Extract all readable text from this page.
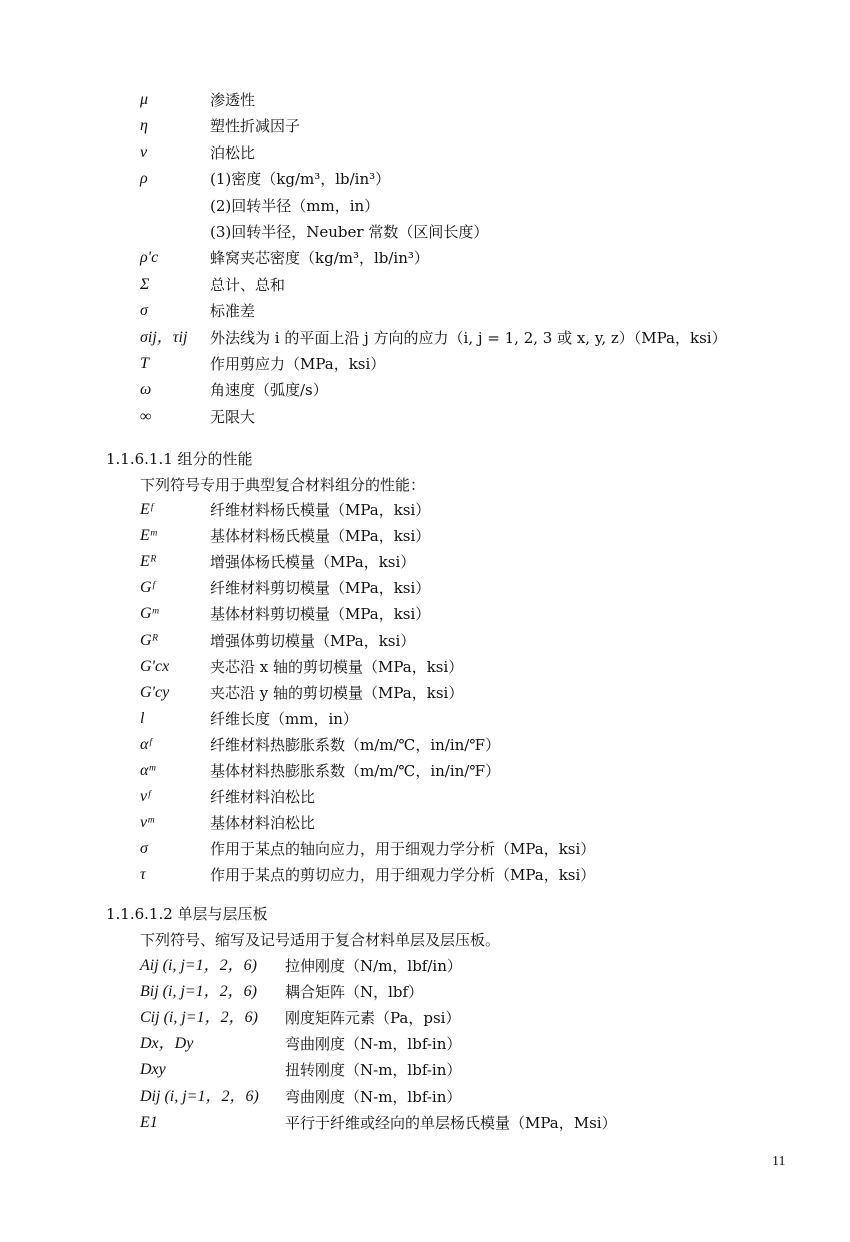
μ	渗透性
η	塑性折减因子
ν	泊松比
ρ	(1)密度（kg/m³，lb/in³）
(2)回转半径（mm，in）
(3)回转半径，Neuber 常数（区间长度）
ρ'c	蜂窝夹芯密度（kg/m³，lb/in³）
Σ	总计、总和
σ	标准差
σij，τij 外法线为 i 的平面上沿 j 方向的应力（i, j = 1, 2, 3 或 x, y, z）（MPa，ksi）
T	作用剪应力（MPa，ksi）
ω	角速度（弧度/s）
∞	无限大
1.1.6.1.1 组分的性能
下列符号专用于典型复合材料组分的性能：
Eᶠ	纤维材料杨氏模量（MPa，ksi）
Eᵐ	基体材料杨氏模量（MPa，ksi）
Eᴿ	增强体杨氏模量（MPa，ksi）
Gᶠ	纤维材料剪切模量（MPa，ksi）
Gᵐ	基体材料剪切模量（MPa，ksi）
Gᴿ	增强体剪切模量（MPa，ksi）
G'cx	夹芯沿 x 轴的剪切模量（MPa，ksi）
G'cy	夹芯沿 y 轴的剪切模量（MPa，ksi）
l	纤维长度（mm，in）
αᶠ	纤维材料热膨胀系数（m/m/℃，in/in/℉）
αᵐ	基体材料热膨胀系数（m/m/℃，in/in/℉）
νᶠ	纤维材料泊松比
νᵐ	基体材料泊松比
σ	作用于某点的轴向应力，用于细观力学分析（MPa，ksi）
τ	作用于某点的剪切应力，用于细观力学分析（MPa，ksi）
1.1.6.1.2 单层与层压板
下列符号、缩写及记号适用于复合材料单层及层压板。
Aij (i, j=1，2，6) 拉伸刚度（N/m，lbf/in）
Bij (i, j=1，2，6) 耦合矩阵（N，lbf）
Cij (i, j=1，2，6) 刚度矩阵元素（Pa，psi）
Dx，Dy	弯曲刚度（N-m，lbf-in）
Dxy	扭转刚度（N-m，lbf-in）
Dij (i, j=1，2，6) 弯曲刚度（N-m，lbf-in）
E1	平行于纤维或经向的单层杨氏模量（MPa，Msi）
11
